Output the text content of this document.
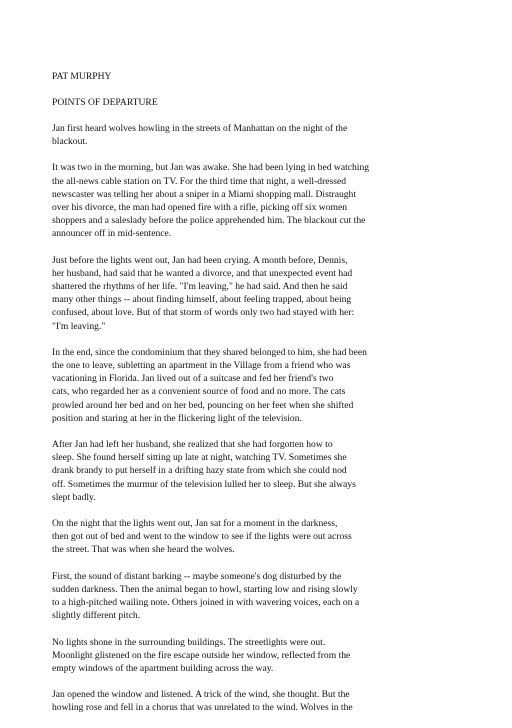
PAT MURPHY
POINTS OF DEPARTURE
Jan first heard wolves howling in the streets of Manhattan on the night of the
blackout.
It was two in the morning, but Jan was awake. She had been lying in bed watching
the all-news cable station on TV. For the third time that night, a well-dressed
newscaster was telling her about a sniper in a Miami shopping mall. Distraught
over his divorce, the man had opened fire with a rifle, picking off six women
shoppers and a saleslady before the police apprehended him. The blackout cut the
announcer off in mid-sentence.
Just before the lights went out, Jan had been crying. A month before, Dennis,
her husband, had said that he wanted a divorce, and that unexpected event had
shattered the rhythms of her life. "I'm leaving," he had said. And then he said
many other things -- about finding himself, about feeling trapped, about being
confused, about love. But of that storm of words only two had stayed with her:
"I'm leaving."
In the end, since the condominium that they shared belonged to him, she had been
the one to leave, subletting an apartment in the Village from a friend who was
vacationing in Florida. Jan lived out of a suitcase and fed her friend's two
cats, who regarded her as a convenient source of food and no more. The cats
prowled around her bed and on her bed, pouncing on her feet when she shifted
position and staring at her in the flickering light of the television.
After Jan had left her husband, she realized that she had forgotten how to
sleep. She found herself sitting up late at night, watching TV. Sometimes she
drank brandy to put herself in a drifting hazy state from which she could nod
off. Sometimes the murmur of the television lulled her to sleep. But she always
slept badly.
On the night that the lights went out, Jan sat for a moment in the darkness,
then got out of bed and went to the window to see if the lights were out across
the street. That was when she heard the wolves.
First, the sound of distant barking -- maybe someone's dog disturbed by the
sudden darkness. Then the animal began to howl, starting low and rising slowly
to a high-pitched wailing note. Others joined in with wavering voices, each on a
slightly different pitch.
No lights shone in the surrounding buildings. The streetlights were out.
Moonlight glistened on the fire escape outside her window, reflected from the
empty windows of the apartment building across the way.
Jan opened the window and listened. A trick of the wind, she thought. But the
howling rose and fell in a chorus that was unrelated to the wind. Wolves in the
